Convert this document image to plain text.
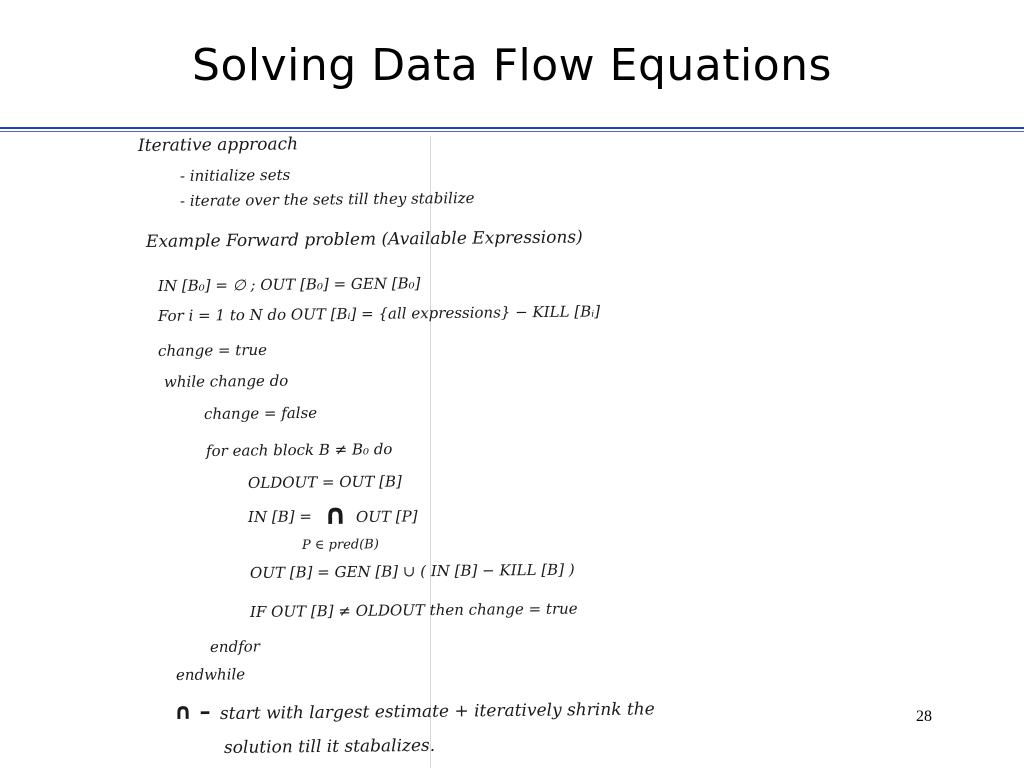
Solving Data Flow Equations
Iterative approach
- initialize sets
- iterate over the sets till they stabilize
Example Forward problem (Available Expressions)
IN [B₀] = ∅ ; OUT [B₀] = GEN [B₀]
For i = 1 to N do OUT [Bᵢ] = {all expressions} − KILL [Bᵢ]
change = true
while change do
change = false
for each block B ≠ B₀ do
OLDOUT = OUT [B]
IN [B] = ∩ OUT [P]
P ∈ pred(B)
OUT [B] = GEN [B] ∪ ( IN [B] − KILL [B] )
IF OUT [B] ≠ OLDOUT then change = true
endfor
endwhile
∩ – start with largest estimate + iteratively shrink the
solution till it stabalizes.
28
